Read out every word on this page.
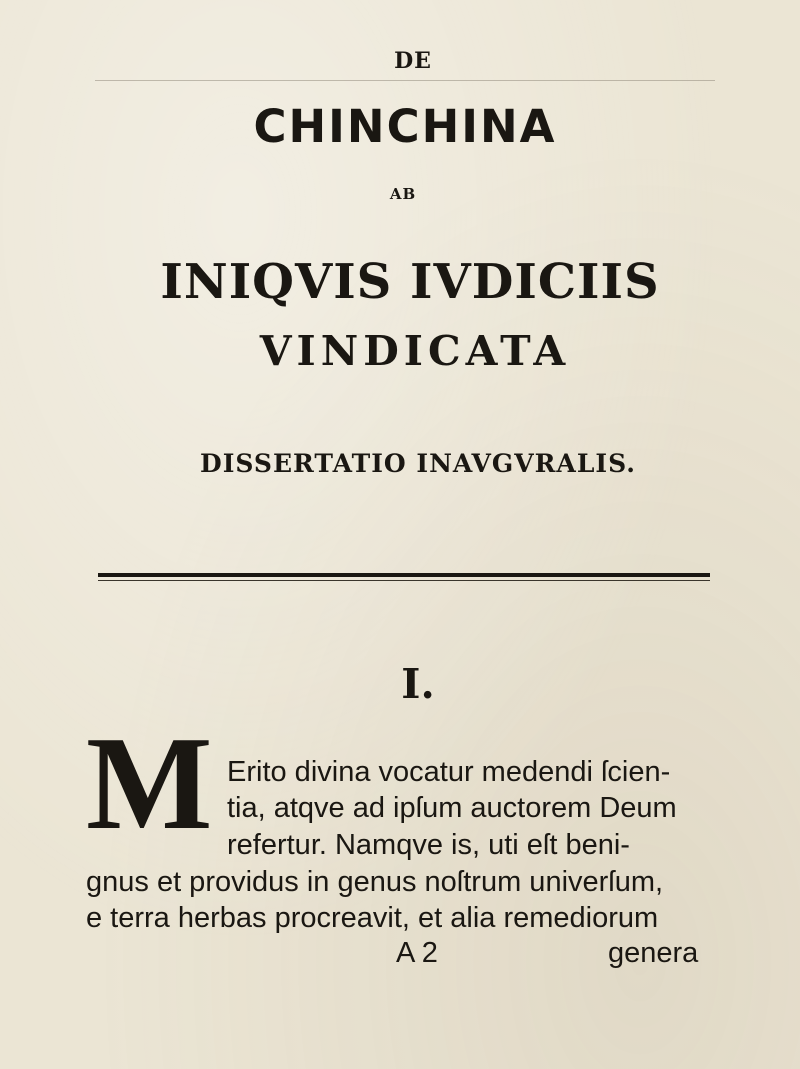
DE
CHINCHINA
AB
INIQVIS IVDICIIS
VINDICATA
DISSERTATIO INAVGVRALIS.
I.
M Erito divina vocatur medendi ſcien-
tia, atqve ad ipſum auctorem Deum
refertur. Namqve is, uti eſt beni-
gnus et providus in genus noſtrum univerſum,
e terra herbas procreavit, et alia remediorum
A 2	genera
